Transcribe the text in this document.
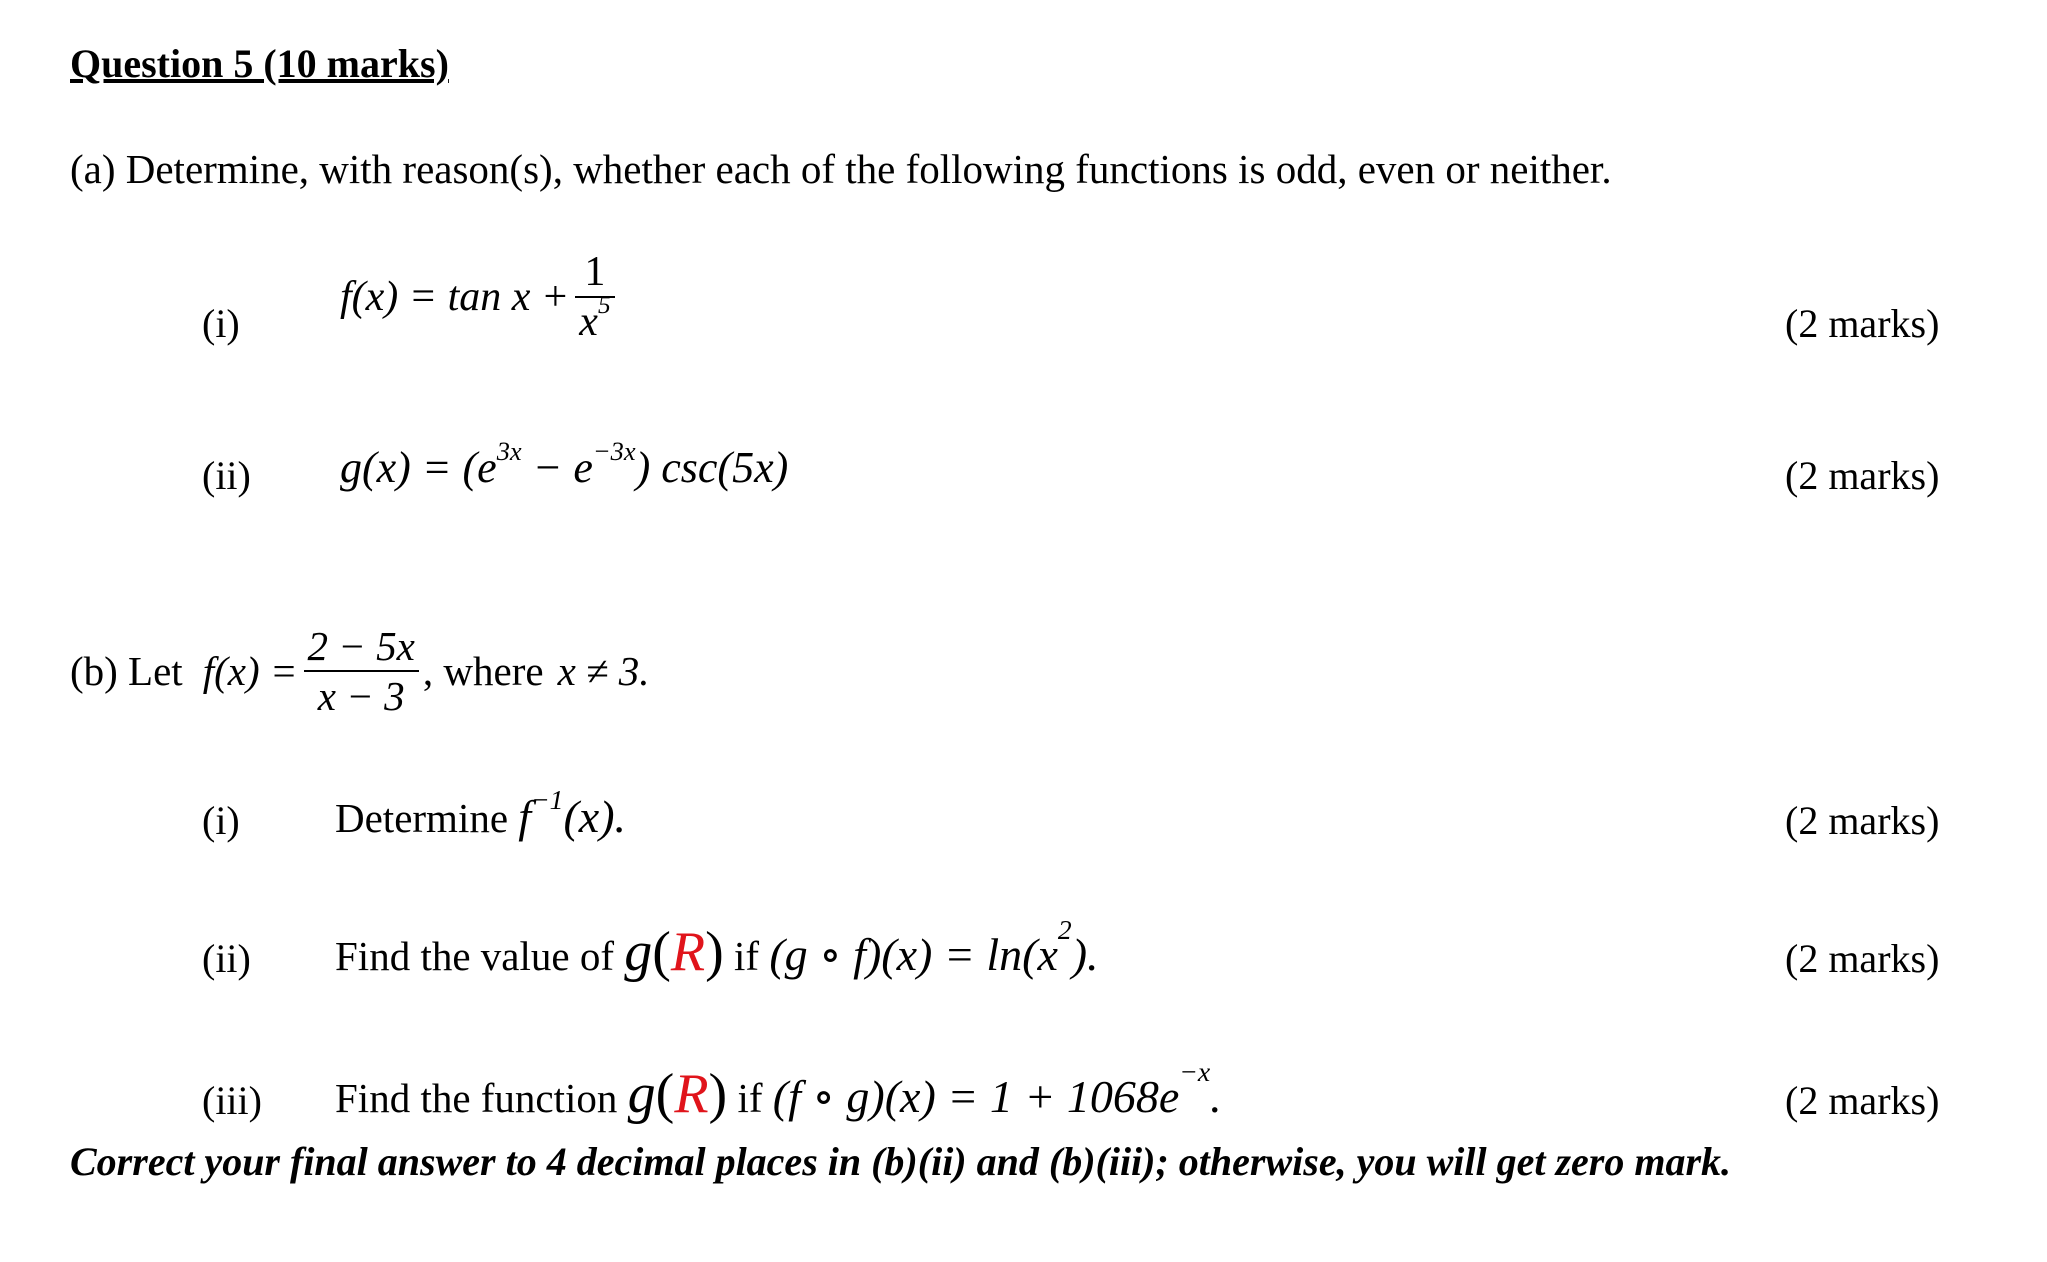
Question 5 (10 marks)
(a) Determine, with reason(s), whether each of the following functions is odd, even or neither.
(i)
$f(x) = \tan x + \frac{1}{x^5}$	(2 marks)
(ii) $g(x) = (e^{3x} - e^{-3x})$ csc(5x)	(2 marks)
(b) Let $f(x) = \frac{2 - 5x}{x - 3}$ , where x ≠ 3.
(i) Determine $f^{-1}(x)$.	(2 marks)
(ii) Find the value of g(R) if (g ∘ $f)(x) = \ln(x^2)$.	(2 marks)
(iii) Find the function g(R) if (f ∘ $g)(x) = 1 + 1068e^{-x}$.	(2 marks)
Correct your final answer to 4 decimal places in (b)(ii) and (b)(iii); otherwise, you will get zero mark.
